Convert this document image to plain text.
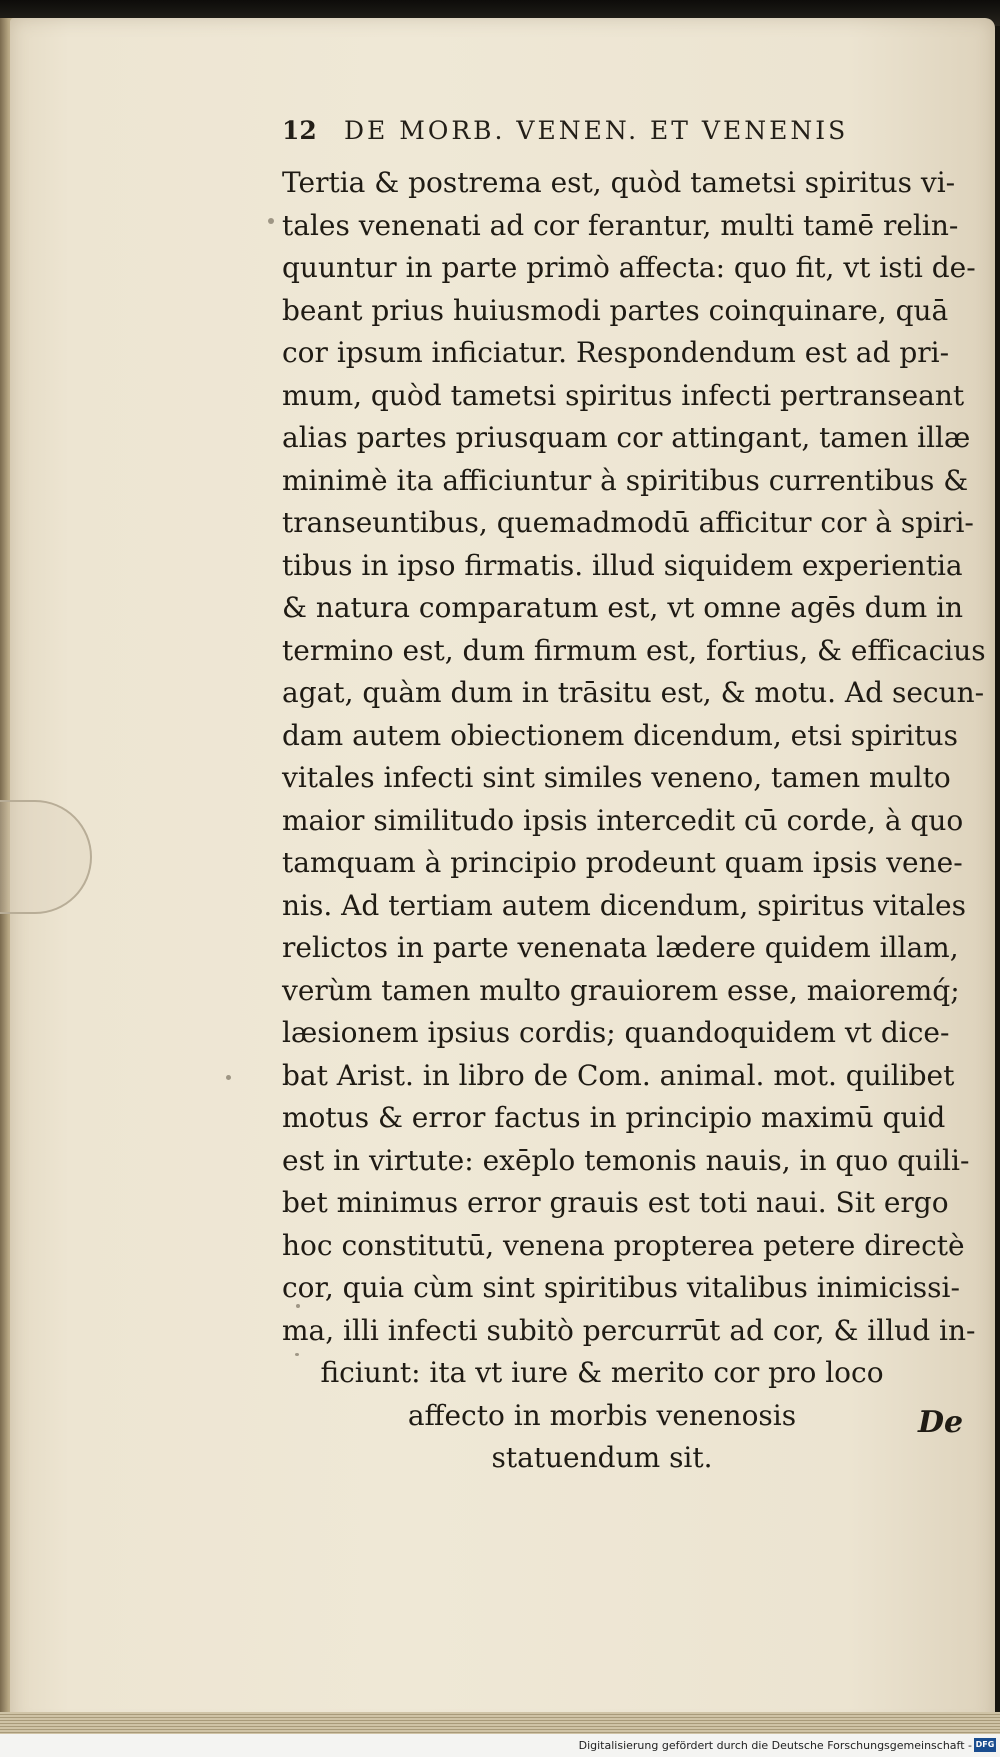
12	DE MORB. VENEN. ET VENENIS
Tertia & postrema est, quòd tametsi spiritus vi-
tales venenati ad cor ferantur, multi tamē relin-
quuntur in parte primò affecta: quo fit, vt isti de-
beant prius huiusmodi partes coinquinare, quā
cor ipsum inficiatur. Respondendum est ad pri-
mum, quòd tametsi spiritus infecti pertranseant
alias partes priusquam cor attingant, tamen illæ
minimè ita afficiuntur à spiritibus currentibus &
transeuntibus, quemadmodū afficitur cor à spiri-
tibus in ipso firmatis. illud siquidem experientia
& natura comparatum est, vt omne agēs dum in
termino est, dum firmum est, fortius, & efficacius
agat, quàm dum in trāsitu est, & motu. Ad secun-
dam autem obiectionem dicendum, etsi spiritus
vitales infecti sint similes veneno, tamen multo
maior similitudo ipsis intercedit cū corde, à quo
tamquam à principio prodeunt quam ipsis vene-
nis. Ad tertiam autem dicendum, spiritus vitales
relictos in parte venenata lædere quidem illam,
verùm tamen multo grauiorem esse, maioremq́;
læsionem ipsius cordis; quandoquidem vt dice-
bat Arist. in libro de Com. animal. mot. quilibet
motus & error factus in principio maximū quid
est in virtute: exēplo temonis nauis, in quo quili-
bet minimus error grauis est toti naui. Sit ergo
hoc constitutū, venena propterea petere directè
cor, quia cùm sint spiritibus vitalibus inimicissi-
ma, illi infecti subitò percurrūt ad cor, & illud in-
ficiunt: ita vt iure & merito cor pro loco
affecto in morbis venenosis
statuendum sit.
De
Digitalisierung gefördert durch die Deutsche Forschungsgemeinschaft - DFG
